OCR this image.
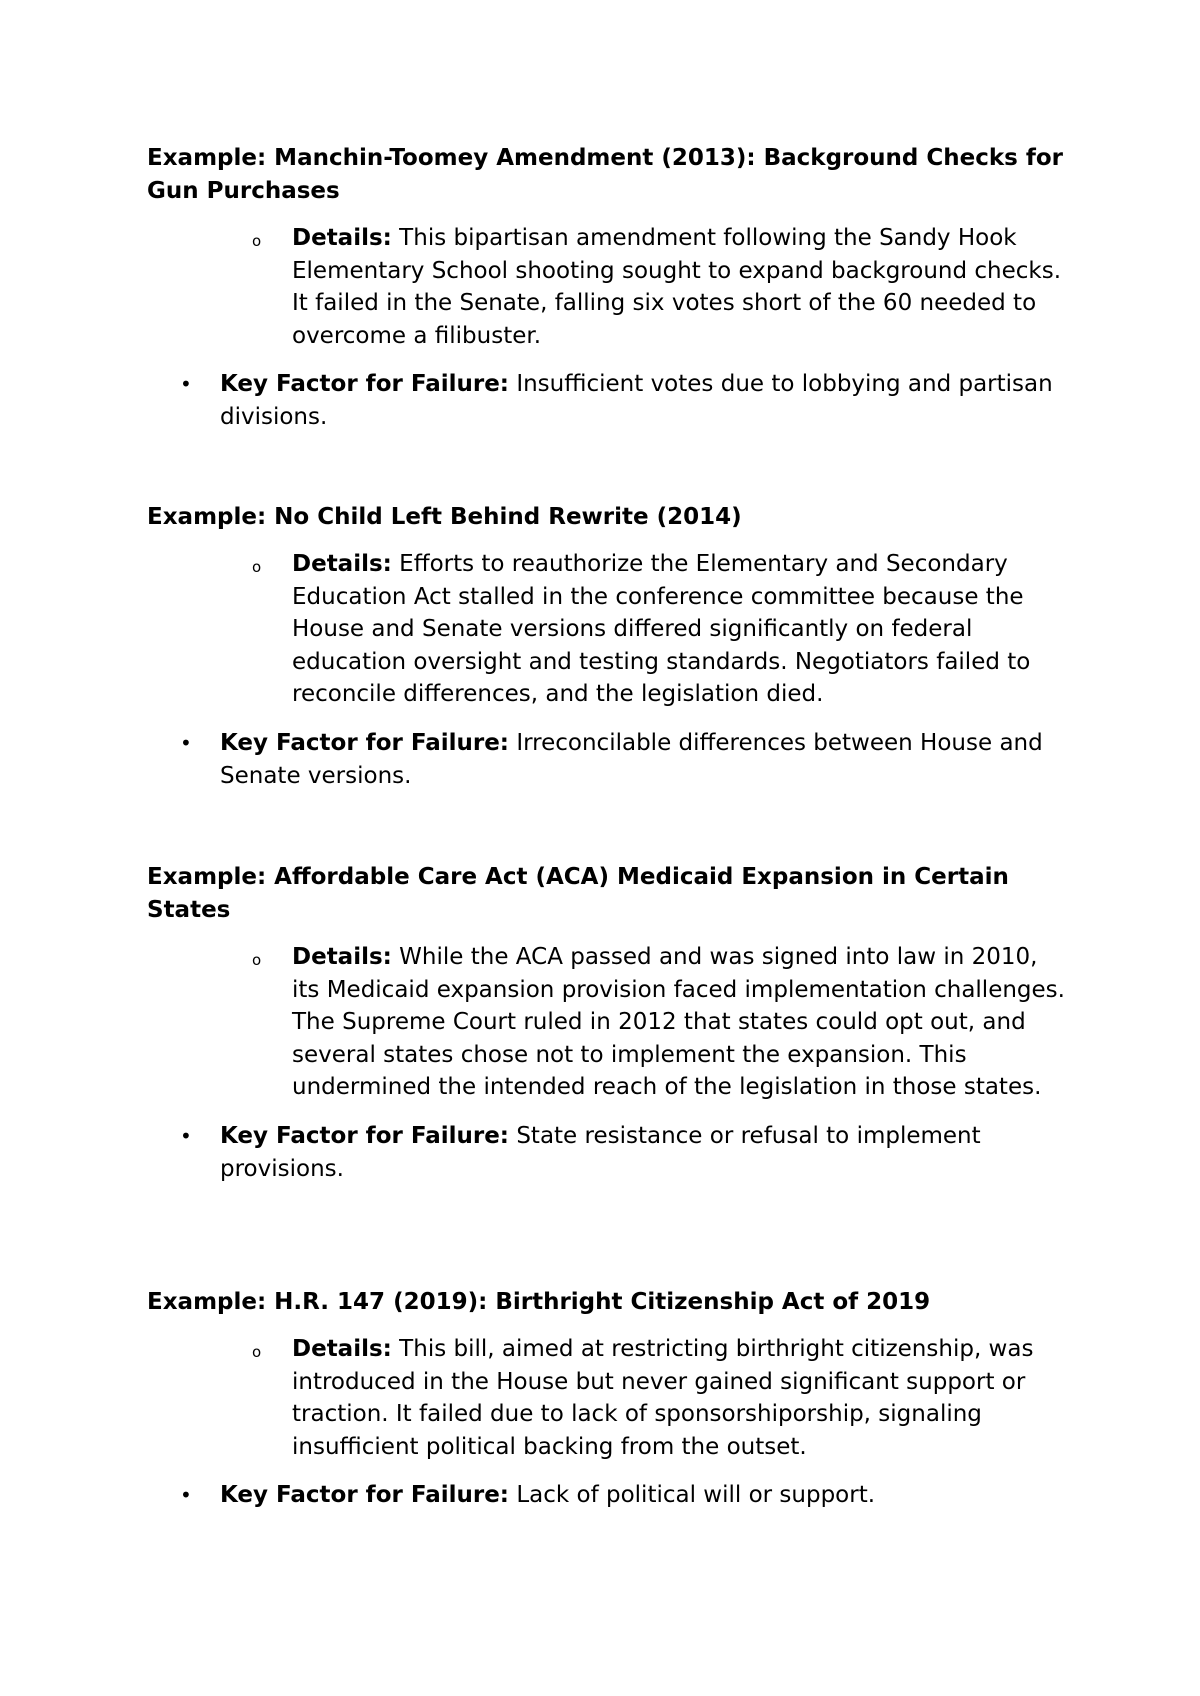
Example: Manchin-Toomey Amendment (2013): Background Checks for Gun Purchases

o Details: This bipartisan amendment following the Sandy Hook Elementary School shooting sought to expand background checks. It failed in the Senate, falling six votes short of the 60 needed to overcome a filibuster.
• Key Factor for Failure: Insufficient votes due to lobbying and partisan divisions.

Example: No Child Left Behind Rewrite (2014)

o Details: Efforts to reauthorize the Elementary and Secondary Education Act stalled in the conference committee because the House and Senate versions differed significantly on federal education oversight and testing standards. Negotiators failed to reconcile differences, and the legislation died.
• Key Factor for Failure: Irreconcilable differences between House and Senate versions.

Example: Affordable Care Act (ACA) Medicaid Expansion in Certain States

o Details: While the ACA passed and was signed into law in 2010, its Medicaid expansion provision faced implementation challenges. The Supreme Court ruled in 2012 that states could opt out, and several states chose not to implement the expansion. This undermined the intended reach of the legislation in those states.
• Key Factor for Failure: State resistance or refusal to implement provisions.

Example: H.R. 147 (2019): Birthright Citizenship Act of 2019

o Details: This bill, aimed at restricting birthright citizenship, was introduced in the House but never gained significant support or traction. It failed due to lack of sponsorshiporship, signaling insufficient political backing from the outset.
• Key Factor for Failure: Lack of political will or support.
